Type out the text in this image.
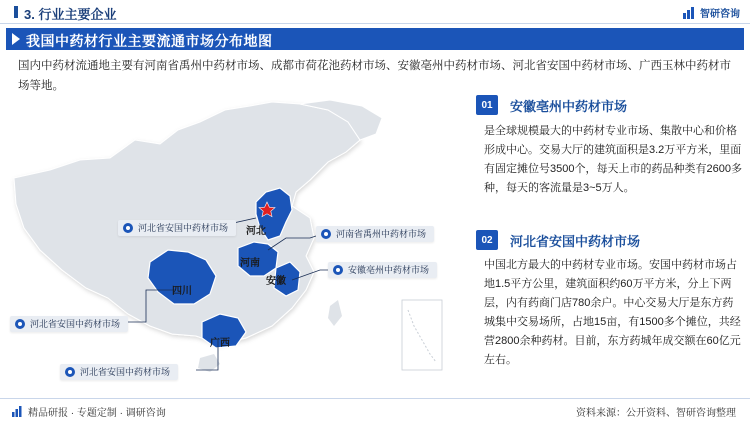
3. 行业主要企业	智研咨询
我国中药材行业主要流通市场分布地图
国内中药材流通地主要有河南省禹州中药材市场、成都市荷花池药材市场、安徽亳州中药材市场、河北省安国中药材市场、广西玉林中药材市场等地。
河北
河南
安徽
四川
广西
河北省安国中药材市场
河南省禹州中药材市场
安徽亳州中药材市场
河北省安国中药材市场
河北省安国中药材市场
01	安徽亳州中药材市场
是全球规模最大的中药材专业市场、集散中心和价格形成中心。交易大厅的建筑面积是3.2万平方米，里面有固定摊位号3500个，每天上市的药品种类有2600多种，每天的客流量是3~5万人。
02	河北省安国中药材市场
中国北方最大的中药材专业市场。安国中药材市场占地1.5平方公里，建筑面积约60万平方米，分上下两层，内有药商门店780余户。中心交易大厅是东方药城集中交易场所，占地15亩，有1500多个摊位，共经营2800余种药材。目前，东方药城年成交额在60亿元左右。
精品研报 · 专题定制 · 调研咨询	资料来源：公开资料、智研咨询整理
